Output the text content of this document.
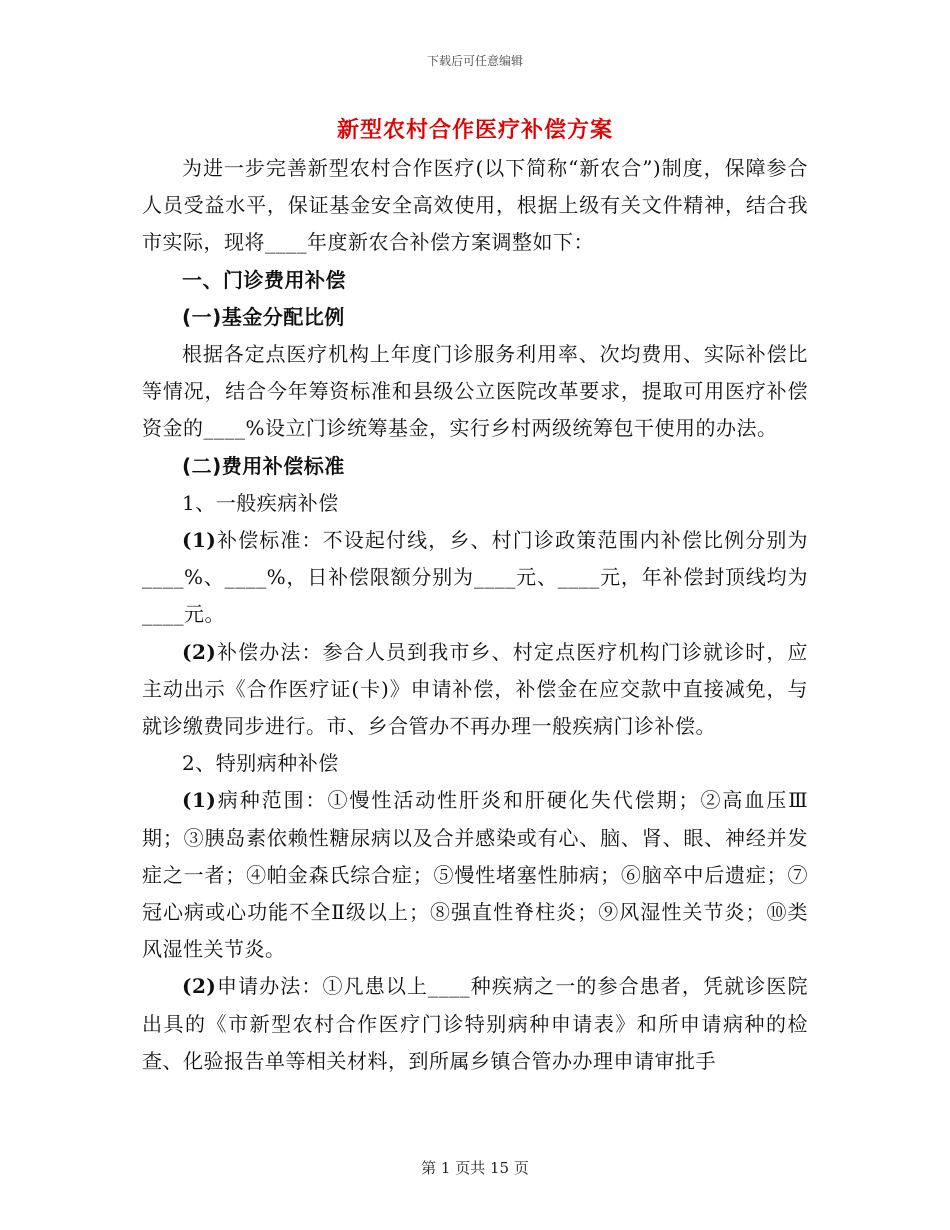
下载后可任意编辑
新型农村合作医疗补偿方案

为进一步完善新型农村合作医疗(以下简称“新农合”)制度，保障参合人员受益水平，保证基金安全高效使用，根据上级有关文件精神，结合我市实际，现将____年度新农合补偿方案调整如下：

一、门诊费用补偿

(一)基金分配比例

根据各定点医疗机构上年度门诊服务利用率、次均费用、实际补偿比等情况，结合今年筹资标准和县级公立医院改革要求，提取可用医疗补偿资金的____%设立门诊统筹基金，实行乡村两级统筹包干使用的办法。

(二)费用补偿标准

1、一般疾病补偿

(1)补偿标准：不设起付线，乡、村门诊政策范围内补偿比例分别为____%、____%，日补偿限额分别为____元、____元，年补偿封顶线均为____元。

(2)补偿办法：参合人员到我市乡、村定点医疗机构门诊就诊时，应主动出示《合作医疗证(卡)》申请补偿，补偿金在应交款中直接减免，与就诊缴费同步进行。市、乡合管办不再办理一般疾病门诊补偿。

2、特别病种补偿

(1)病种范围：①慢性活动性肝炎和肝硬化失代偿期；②高血压Ⅲ期；③胰岛素依赖性糖尿病以及合并感染或有心、脑、肾、眼、神经并发症之一者；④帕金森氏综合症；⑤慢性堵塞性肺病；⑥脑卒中后遗症；⑦冠心病或心功能不全Ⅱ级以上；⑧强直性脊柱炎；⑨风湿性关节炎；⑩类风湿性关节炎。

(2)申请办法：①凡患以上____种疾病之一的参合患者，凭就诊医院出具的《市新型农村合作医疗门诊特别病种申请表》和所申请病种的检查、化验报告单等相关材料，到所属乡镇合管办办理申请审批手

第 1 页共 15 页
